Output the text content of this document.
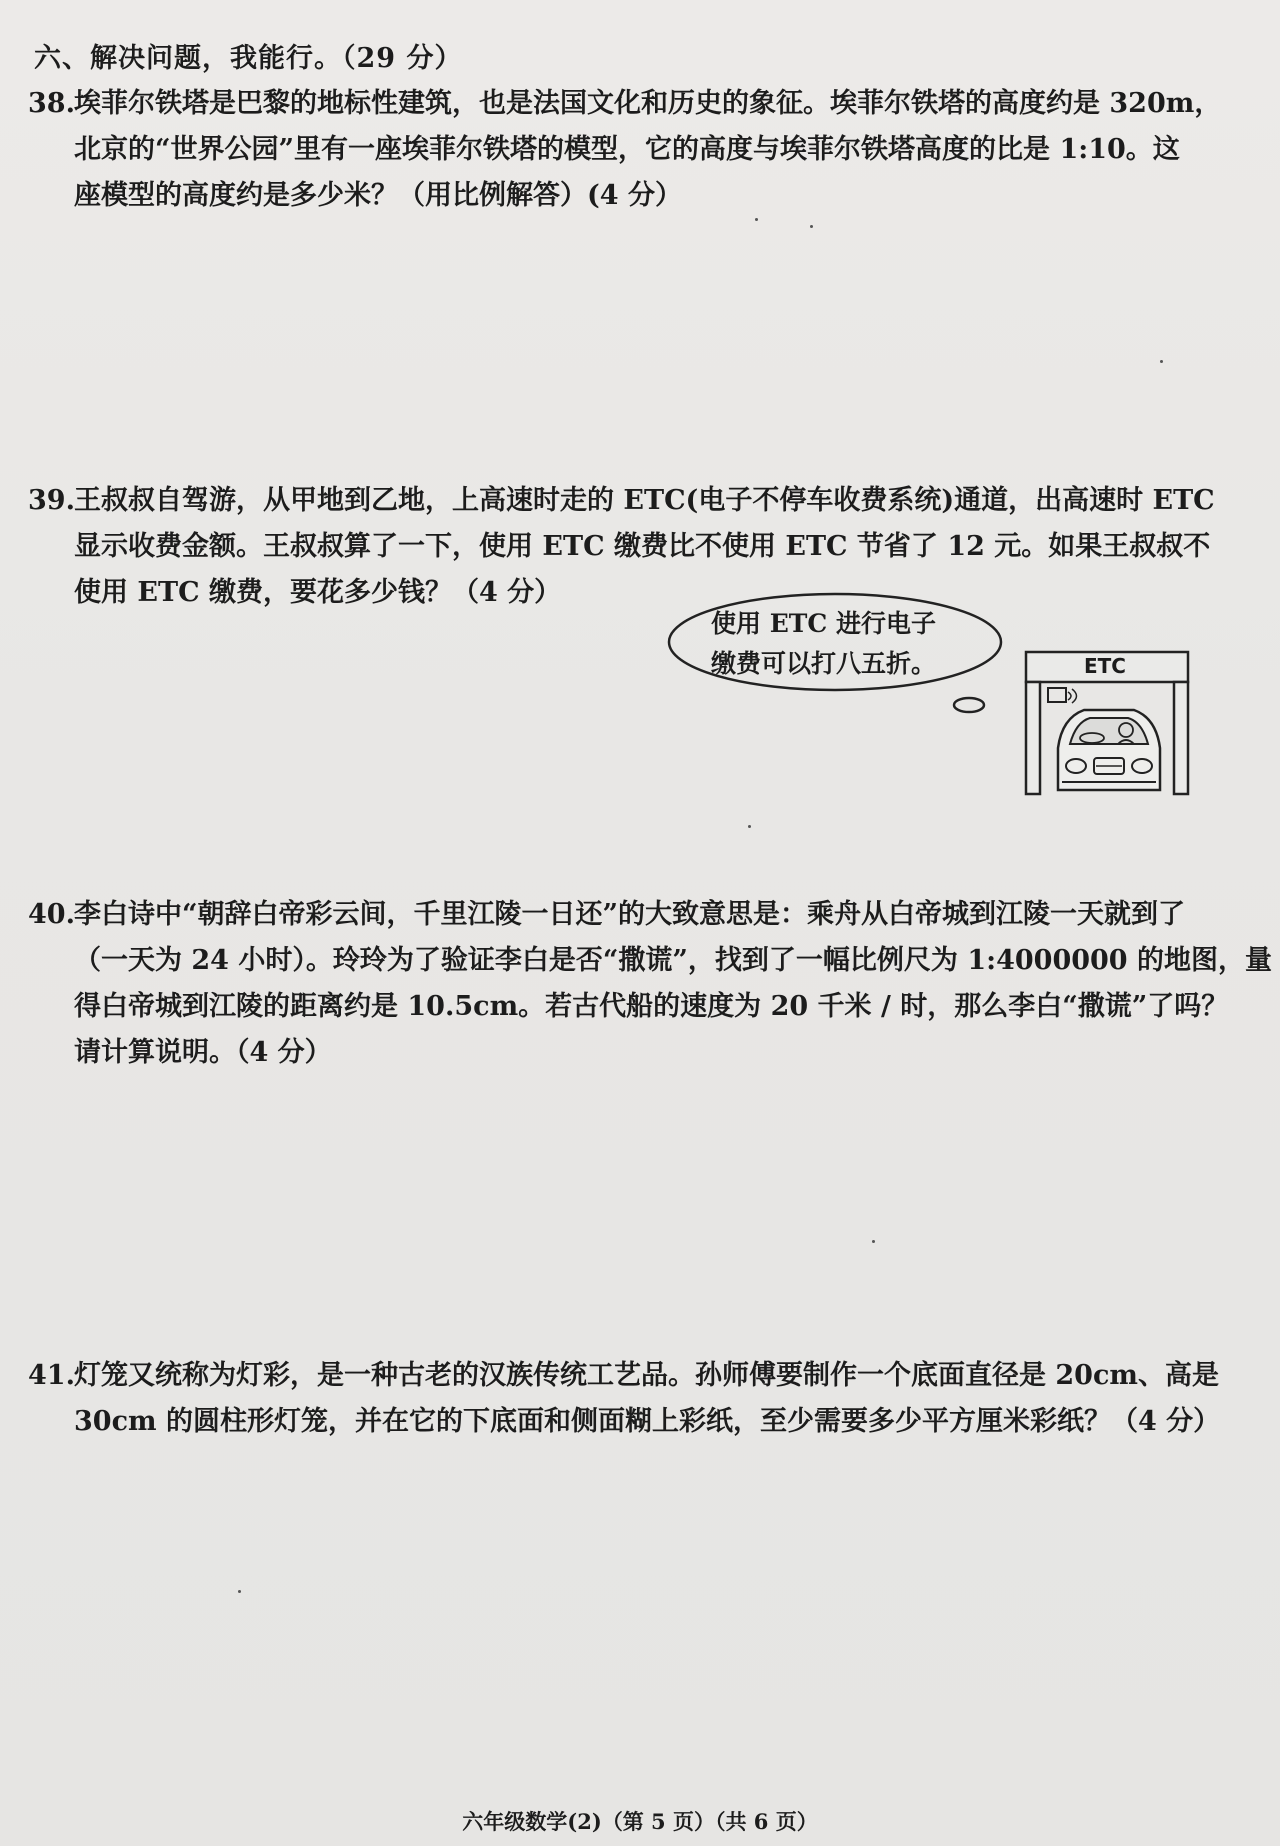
六、解决问题，我能行。（29 分）
38.埃菲尔铁塔是巴黎的地标性建筑，也是法国文化和历史的象征。埃菲尔铁塔的高度约是 320m，
北京的“世界公园”里有一座埃菲尔铁塔的模型，它的高度与埃菲尔铁塔高度的比是 1:10。这
座模型的高度约是多少米？（用比例解答）(4 分）
39.王叔叔自驾游，从甲地到乙地，上高速时走的 ETC(电子不停车收费系统)通道，出高速时 ETC
显示收费金额。王叔叔算了一下，使用 ETC 缴费比不使用 ETC 节省了 12 元。如果王叔叔不
使用 ETC 缴费，要花多少钱？（4 分）
使用 ETC 进行电子
缴费可以打八五折。	ETC
40.李白诗中“朝辞白帝彩云间，千里江陵一日还”的大致意思是：乘舟从白帝城到江陵一天就到了
（一天为 24 小时）。玲玲为了验证李白是否“撒谎”，找到了一幅比例尺为 1:4000000 的地图，量
得白帝城到江陵的距离约是 10.5cm。若古代船的速度为 20 千米 / 时，那么李白“撒谎”了吗？
请计算说明。（4 分）
41.灯笼又统称为灯彩，是一种古老的汉族传统工艺品。孙师傅要制作一个底面直径是 20cm、高是
30cm 的圆柱形灯笼，并在它的下底面和侧面糊上彩纸，至少需要多少平方厘米彩纸？（4 分）
六年级数学(2)（第 5 页）（共 6 页）
